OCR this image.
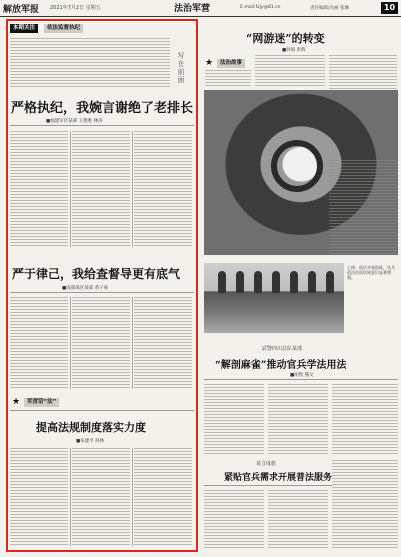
解放军报 2021年7月2日 星期五	法治军营	E-mail:fzjy@81.cn	责任编辑/冯丽 张琳	10
本期关注	依法监督执纪
写在前面
严格执纪，我婉言谢绝了老排长
■福建军区某部 王德胜 林涛
严于律己，我给查督导更有底气
■南部战区某部 黄子豪
★	军营话“法”
提高法规制度落实力度
■朱建平 何林
“网游迷”的转变
■何斌 彭辉
★	法治故事
上图：依法开展训练，官兵依法治训法规意识显著增强。
武警四川总队某部
“解剖麻雀”推动官兵学法用法
■胡凯 熊文
某合成旅
紧贴官兵需求开展普法服务
